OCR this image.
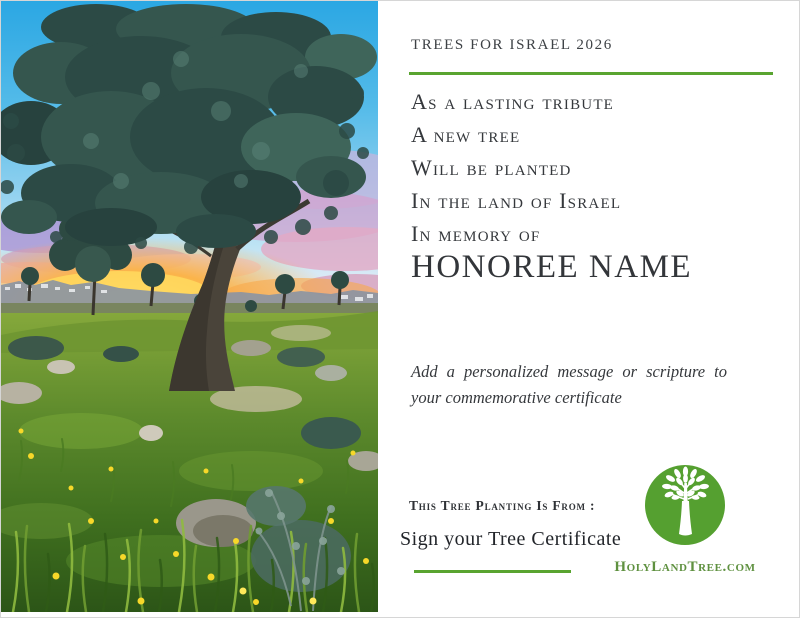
TREES FOR ISRAEL 2026
As a lasting tribute
A new tree
Will be planted
In the land of Israel
In memory of
HONOREE NAME
Add a personalized message or scripture to your commemorative certificate
This Tree Planting Is From :
Sign your Tree Certificate
HolyLandTree.com
